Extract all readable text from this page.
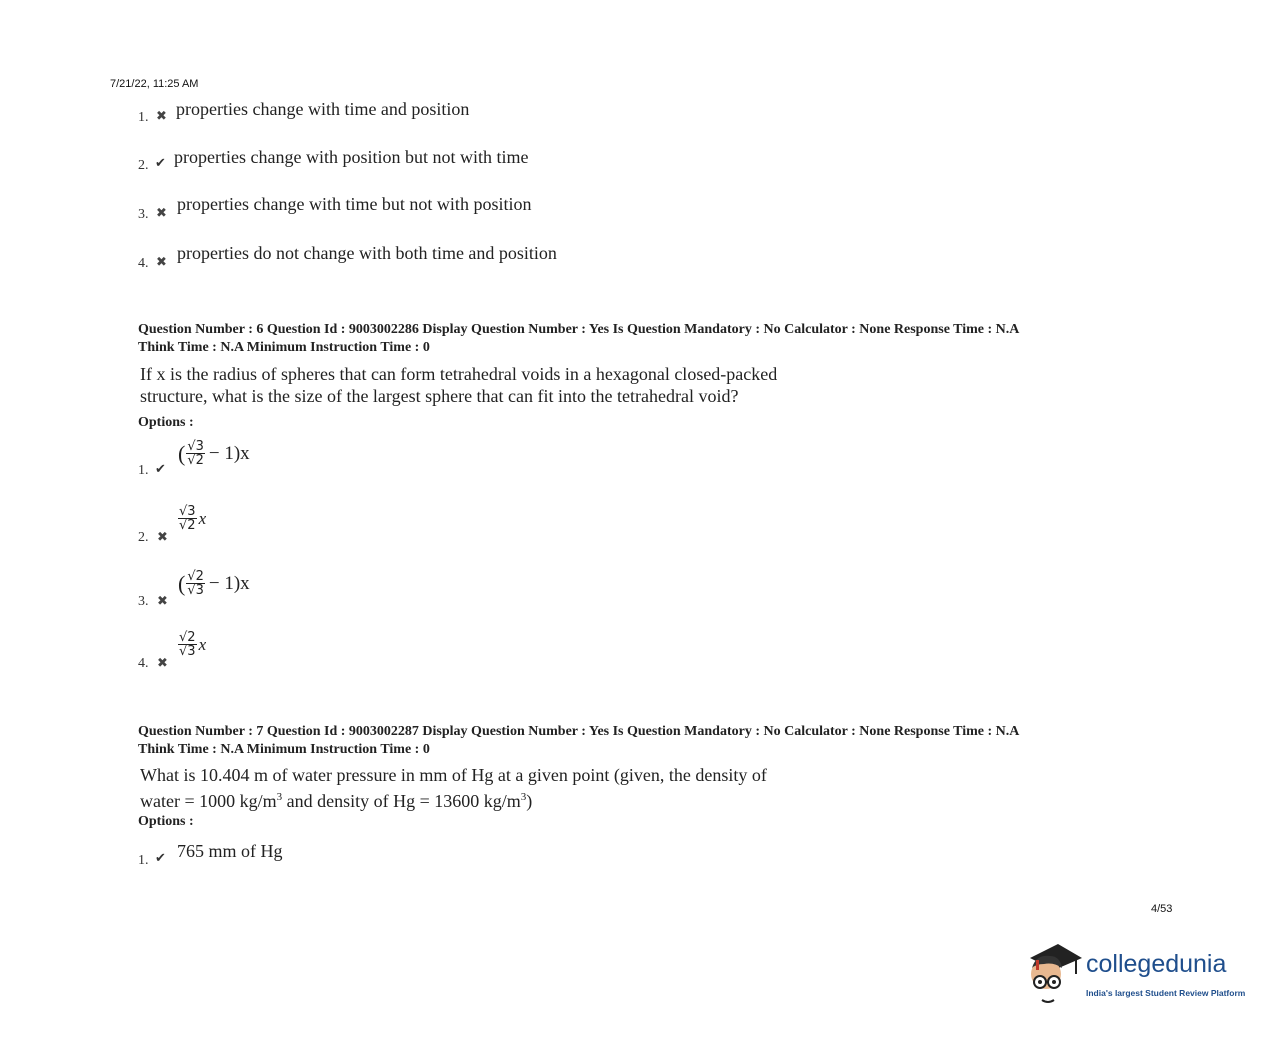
7/21/22, 11:25 AM
1. ✖ properties change with time and position
2. ✔ properties change with position but not with time
3. ✖ properties change with time but not with position
4. ✖ properties do not change with both time and position
Question Number : 6 Question Id : 9003002286 Display Question Number : Yes Is Question Mandatory : No Calculator : None Response Time : N.A
Think Time : N.A Minimum Instruction Time : 0
If x is the radius of spheres that can form tetrahedral voids in a hexagonal closed-packed
structure, what is the size of the largest sphere that can fit into the tetrahedral void?
Options :
1. ✔
( $\frac{√3}{√2} - 1)x$
2. ✖
$\frac{√3}{√2}$ x
3. ✖
( $\frac{√2}{√3} - 1)x$
4. ✖
$\frac{√2}{√3}$ x
Question Number : 7 Question Id : 9003002287 Display Question Number : Yes Is Question Mandatory : No Calculator : None Response Time : N.A
Think Time : N.A Minimum Instruction Time : 0
What is 10.404 m of water pressure in mm of Hg at a given point (given, the density of
water = 1000 $kg/m^3$ and density of Hg = 13600 $kg/m^3$)
Options :
1. ✔ 765 mm of Hg
4/53
collegedunia
India's largest Student Review Platform
